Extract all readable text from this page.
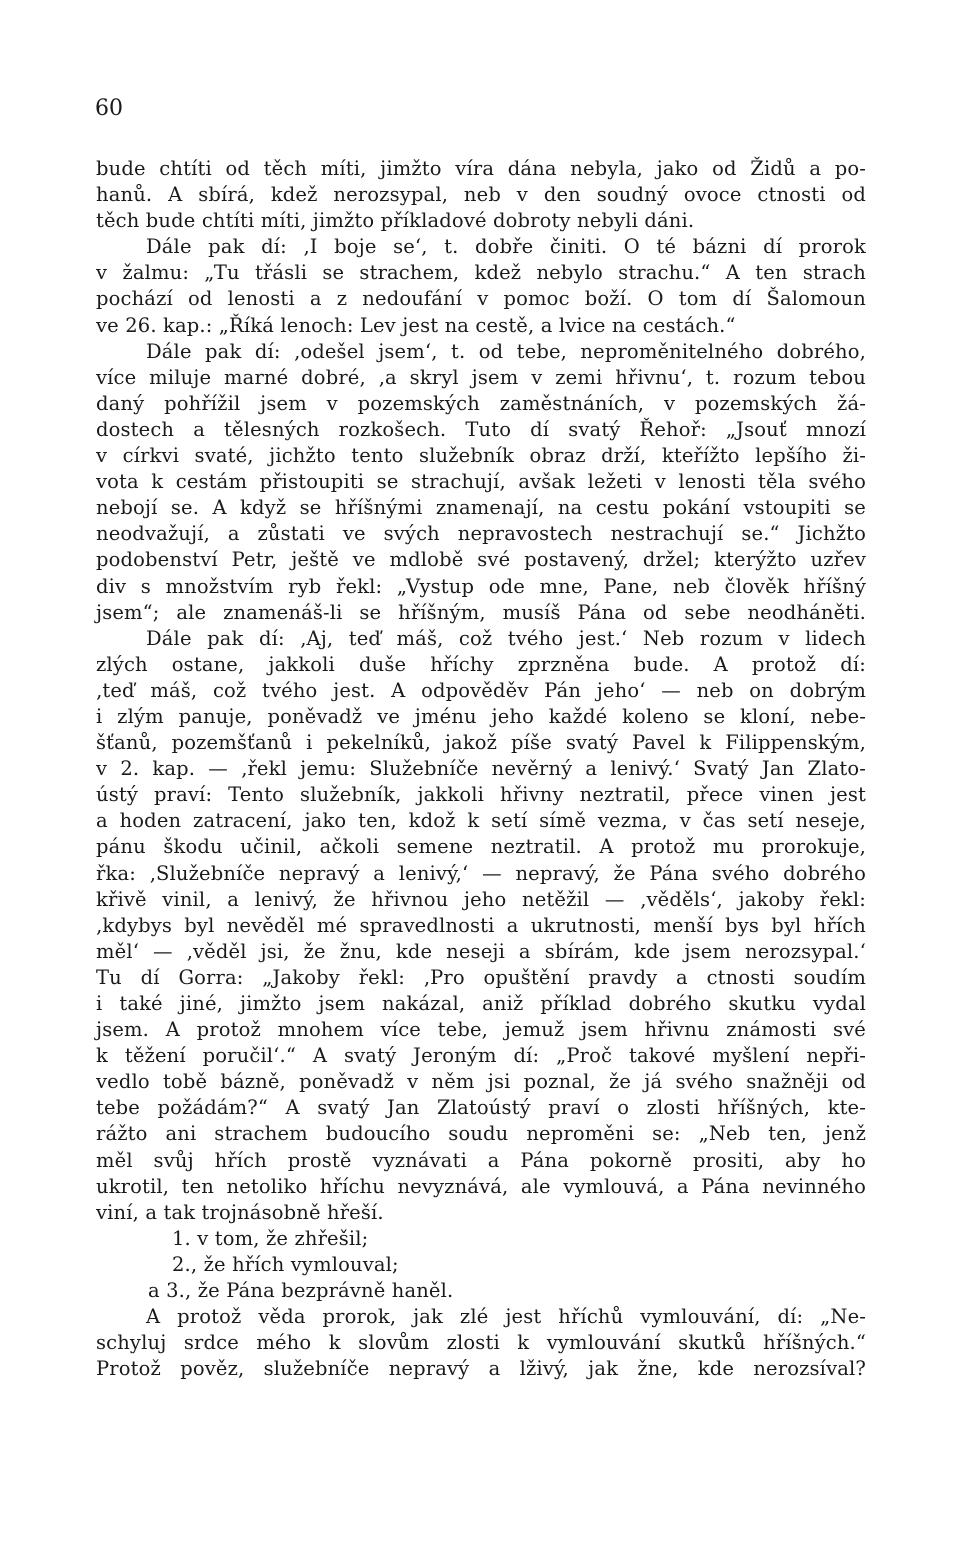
60
bude chtíti od těch míti, jimžto víra dána nebyla, jako od Židů a po-
hanů. A sbírá, kdež nerozsypal, neb v den soudný ovoce ctnosti od
těch bude chtíti míti, jimžto příkladové dobroty nebyli dáni.
Dále pak dí: ‚I boje se‘, t. dobře činiti. O té bázni dí prorok
v žalmu: „Tu třásli se strachem, kdež nebylo strachu.“ A ten strach
pochází od lenosti a z nedoufání v pomoc boží. O tom dí Šalomoun
ve 26. kap.: „Říká lenoch: Lev jest na cestě, a lvice na cestách.“
Dále pak dí: ‚odešel jsem‘, t. od tebe, neproměnitelného dobrého,
více miluje marné dobré, ‚a skryl jsem v zemi hřivnu‘, t. rozum tebou
daný pohřížil jsem v pozemských zaměstnáních, v pozemských žá-
dostech a tělesných rozkošech. Tuto dí svatý Řehoř: „Jsouť mnozí
v církvi svaté, jichžto tento služebník obraz drží, kteřížto lepšího ži-
vota k cestám přistoupiti se strachují, avšak ležeti v lenosti těla svého
nebojí se. A když se hříšnými znamenají, na cestu pokání vstoupiti se
neodvažují, a zůstati ve svých nepravostech nestrachují se.“ Jichžto
podobenství Petr, ještě ve mdlobě své postavený, držel; kterýžto uzřev
div s množstvím ryb řekl: „Vystup ode mne, Pane, neb člověk hříšný
jsem“; ale znamenáš-li se hříšným, musíš Pána od sebe neodháněti.
Dále pak dí: ‚Aj, teď máš, což tvého jest.‘ Neb rozum v lidech
zlých ostane, jakkoli duše hříchy zprzněna bude. A protož dí:
‚teď máš, což tvého jest. A odpověděv Pán jeho‘ — neb on dobrým
i zlým panuje, poněvadž ve jménu jeho každé koleno se kloní, nebe-
šťanů, pozemšťanů i pekelníků, jakož píše svatý Pavel k Filippenským,
v 2. kap. — ‚řekl jemu: Služebníče nevěrný a lenivý.‘ Svatý Jan Zlato-
ústý praví: Tento služebník, jakkoli hřivny neztratil, přece vinen jest
a hoden zatracení, jako ten, kdož k setí símě vezma, v čas setí neseje,
pánu škodu učinil, ačkoli semene neztratil. A protož mu prorokuje,
řka: ‚Služebníče nepravý a lenivý,‘ — nepravý, že Pána svého dobrého
křivě vinil, a lenivý, že hřivnou jeho netěžil — ‚věděls‘, jakoby řekl:
‚kdybys byl nevěděl mé spravedlnosti a ukrutnosti, menší bys byl hřích
měl‘ — ‚věděl jsi, že žnu, kde neseji a sbírám, kde jsem nerozsypal.‘
Tu dí Gorra: „Jakoby řekl: ‚Pro opuštění pravdy a ctnosti soudím
i také jiné, jimžto jsem nakázal, aniž příklad dobrého skutku vydal
jsem. A protož mnohem více tebe, jemuž jsem hřivnu známosti své
k těžení poručil‘.“ A svatý Jeroným dí: „Proč takové myšlení nepři-
vedlo tobě bázně, poněvadž v něm jsi poznal, že já svého snažněji od
tebe požádám?“ A svatý Jan Zlatoústý praví o zlosti hříšných, kte-
rážto ani strachem budoucího soudu neproměni se: „Neb ten, jenž
měl svůj hřích prostě vyznávati a Pána pokorně prositi, aby ho
ukrotil, ten netoliko hříchu nevyznává, ale vymlouvá, a Pána nevinného
viní, a tak trojnásobně hřeší.
1. v tom, že zhřešil;
2., že hřích vymlouval;
a 3., že Pána bezprávně haněl.
A protož věda prorok, jak zlé jest hříchů vymlouvání, dí: „Ne-
schyluj srdce mého k slovům zlosti k vymlouvání skutků hříšných.“
Protož pověz, služebníče nepravý a lživý, jak žne, kde nerozsíval?
